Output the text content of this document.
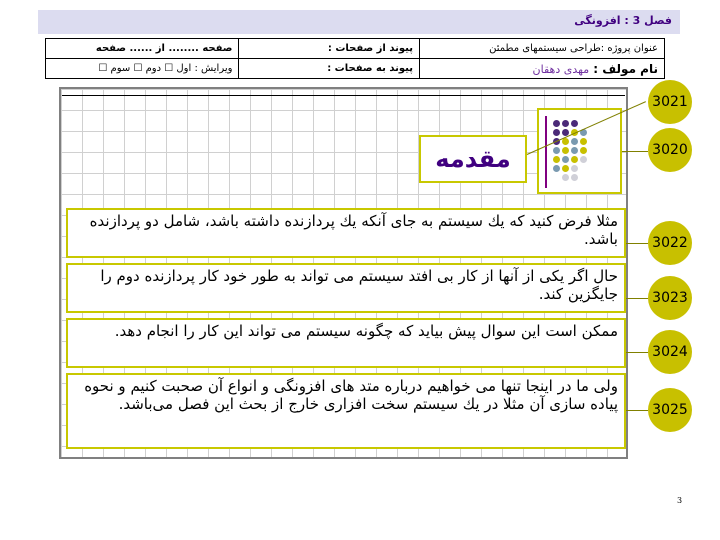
فصل 3 : افزونگی
عنوان پروژه :طراحی سیستمهای مطمئن	پیوند از صفحات :	صفحه ........ از ...... صفحه
نام مولف : مهدی دهقان	پیوند به صفحات :	ویرایش : اول ☐ دوم ☐ سوم ☐
مقدمه
مثلا فرض کنید که یك سیستم به جای آنکه یك پردازنده داشته باشد، شامل دو پردازنده باشد.
حال اگر یکی از آنها از کار بی افتد سیستم می تواند به طور خود کار پردازنده دوم را جایگزین کند.
ممکن است این سوال پیش بیاید که چگونه سیستم می تواند این کار را انجام دهد.
ولی ما در اینجا تنها می خواهیم درباره متد های افزونگی و انواع آن صحبت کنیم و نحوه پیاده سازی آن مثلا در یك سیستم سخت افزاری خارج از بحث این فصل می‌باشد.
3021
3020
3022
3023
3024
3025
3
